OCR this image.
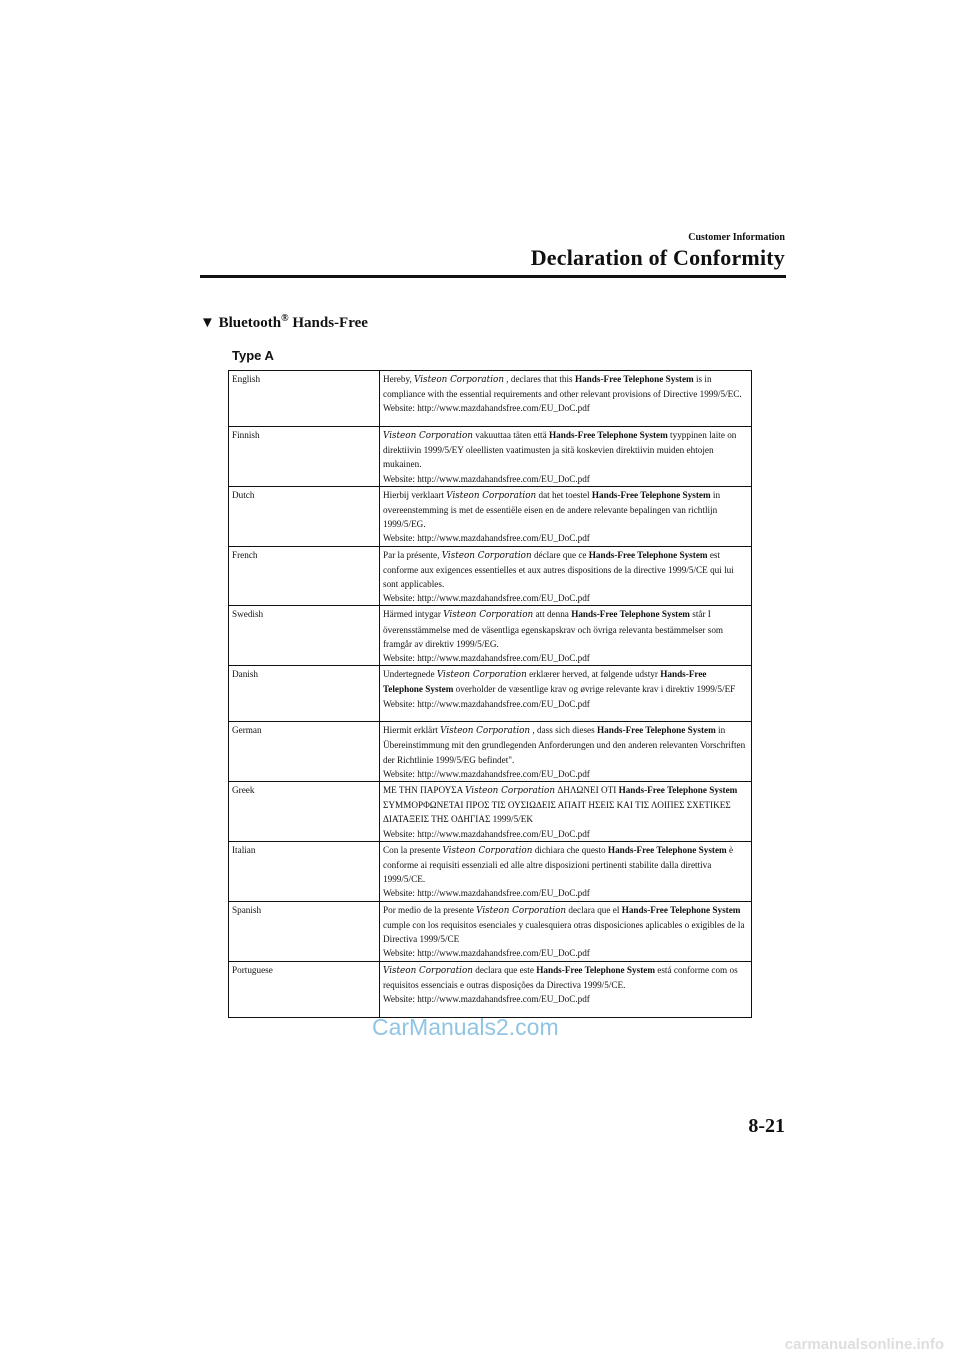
Customer Information
Declaration of Conformity
▼ Bluetooth® Hands-Free
Type A
English	Hereby, Visteon Corporation , declares that this Hands-Free Telephone System is in compliance with the essential requirements and other relevant provisions of Directive 1999/5/EC.
Website: http://www.mazdahandsfree.com/EU_DoC.pdf

Finnish	Visteon Corporation vakuuttaa täten että Hands-Free Telephone System tyyppinen laite on direktiivin 1999/5/EY oleellisten vaatimusten ja sitä koskevien direktiivin muiden ehtojen mukainen.
Website: http://www.mazdahandsfree.com/EU_DoC.pdf

Dutch	Hierbij verklaart Visteon Corporation dat het toestel Hands-Free Telephone System in overeenstemming is met de essentiële eisen en de andere relevante bepalingen van richtlijn 1999/5/EG.
Website: http://www.mazdahandsfree.com/EU_DoC.pdf

French	Par la présente, Visteon Corporation déclare que ce Hands-Free Telephone System est conforme aux exigences essentielles et aux autres dispositions de la directive 1999/5/CE qui lui sont applicables.
Website: http://www.mazdahandsfree.com/EU_DoC.pdf

Swedish	Härmed intygar Visteon Corporation att denna Hands-Free Telephone System står I överensstämmelse med de väsentliga egenskapskrav och övriga relevanta bestämmelser som framgår av direktiv 1999/5/EG.
Website: http://www.mazdahandsfree.com/EU_DoC.pdf

Danish	Undertegnede Visteon Corporation erklærer herved, at følgende udstyr Hands-Free Telephone System overholder de væsentlige krav og øvrige relevante krav i direktiv 1999/5/EF
Website: http://www.mazdahandsfree.com/EU_DoC.pdf

German	Hiermit erklärt Visteon Corporation , dass sich dieses Hands-Free Telephone System in Übereinstimmung mit den grundlegenden Anforderungen und den anderen relevanten Vorschriften der Richtlinie 1999/5/EG befindet".
Website: http://www.mazdahandsfree.com/EU_DoC.pdf

Greek	ΜΕ ΤΗΝ ΠΑΡΟΥΣΑ Visteon Corporation ΔΗΛΩΝΕΙ ΟΤΙ Hands-Free Telephone System ΣΥΜΜΟΡΦΩΝΕΤΑΙ ΠΡΟΣ ΤΙΣ ΟΥΣΙΩΔΕΙΣ ΑΠΑΙΤ ΗΣΕΙΣ ΚΑΙ ΤΙΣ ΛΟΙΠΕΣ ΣΧΕΤΙΚΕΣ ΔΙΑΤΑΞΕΙΣ ΤΗΣ ΟΔΗΓΙΑΣ 1999/5/ΕΚ
Website: http://www.mazdahandsfree.com/EU_DoC.pdf

Italian	Con la presente Visteon Corporation dichiara che questo Hands-Free Telephone System è conforme ai requisiti essenziali ed alle altre disposizioni pertinenti stabilite dalla direttiva 1999/5/CE.
Website: http://www.mazdahandsfree.com/EU_DoC.pdf

Spanish	Por medio de la presente Visteon Corporation declara que el Hands-Free Telephone System cumple con los requisitos esenciales y cualesquiera otras disposiciones aplicables o exigibles de la Directiva 1999/5/CE
Website: http://www.mazdahandsfree.com/EU_DoC.pdf

Portuguese	Visteon Corporation declara que este Hands-Free Telephone System está conforme com os requisitos essenciais e outras disposições da Directiva 1999/5/CE.
Website: http://www.mazdahandsfree.com/EU_DoC.pdf
CarManuals2.com
8-21
carmanualsonline.info
